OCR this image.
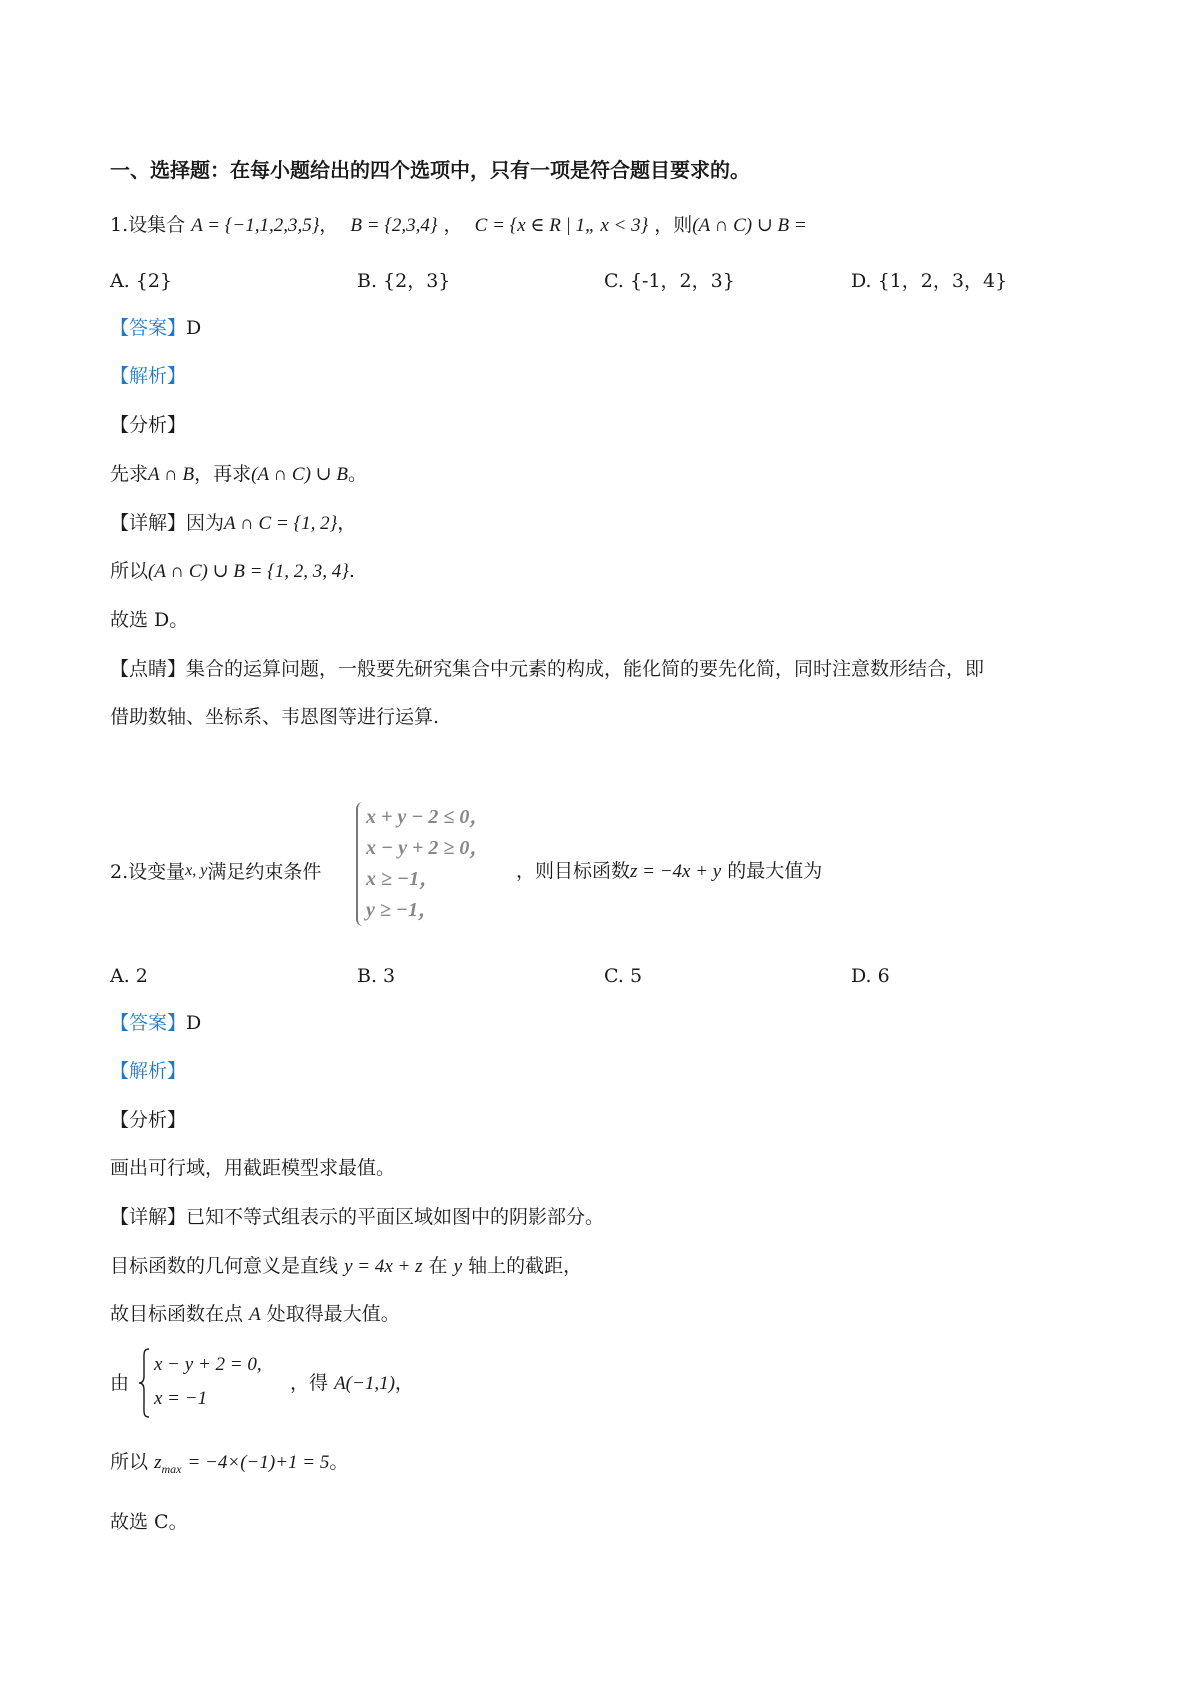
一、选择题：在每小题给出的四个选项中，只有一项是符合题目要求的。
1.设集合 A = {−1,1,2,3,5}，  B = {2,3,4} ，  C = {x ∈ R | 1„ x < 3} ，则(A ∩ C) ∪ B =
A. {2}	B. {2，3}	C. {-1，2，3}	D. {1，2，3，4}
【答案】D
【解析】
【分析】
先求A ∩ B，再求(A ∩ C) ∪ B。
【详解】因为A ∩ C = {1, 2}，
所以(A ∩ C) ∪ B = {1, 2, 3, 4}.
故选 D。
【点睛】集合的运算问题，一般要先研究集合中元素的构成，能化简的要先化简，同时注意数形结合，即
借助数轴、坐标系、韦恩图等进行运算.
2.设变量x, y满足约束条件
x + y − 2 ≤ 0，
x − y + 2 ≥ 0，
x ≥ −1，
y ≥ −1，
，则目标函数z = −4x + y 的最大值为
A. 2	B. 3	C. 5	D. 6
【答案】D
【解析】
【分析】
画出可行域，用截距模型求最值。
【详解】已知不等式组表示的平面区域如图中的阴影部分。
目标函数的几何意义是直线 y = 4x + z 在 y 轴上的截距，
故目标函数在点 A 处取得最大值。
由
x − y + 2 = 0,
x = −1
，得 A(−1,1)，
所以 $z_{max} = -4\times(-1)+1 = 5$。
故选 C。
